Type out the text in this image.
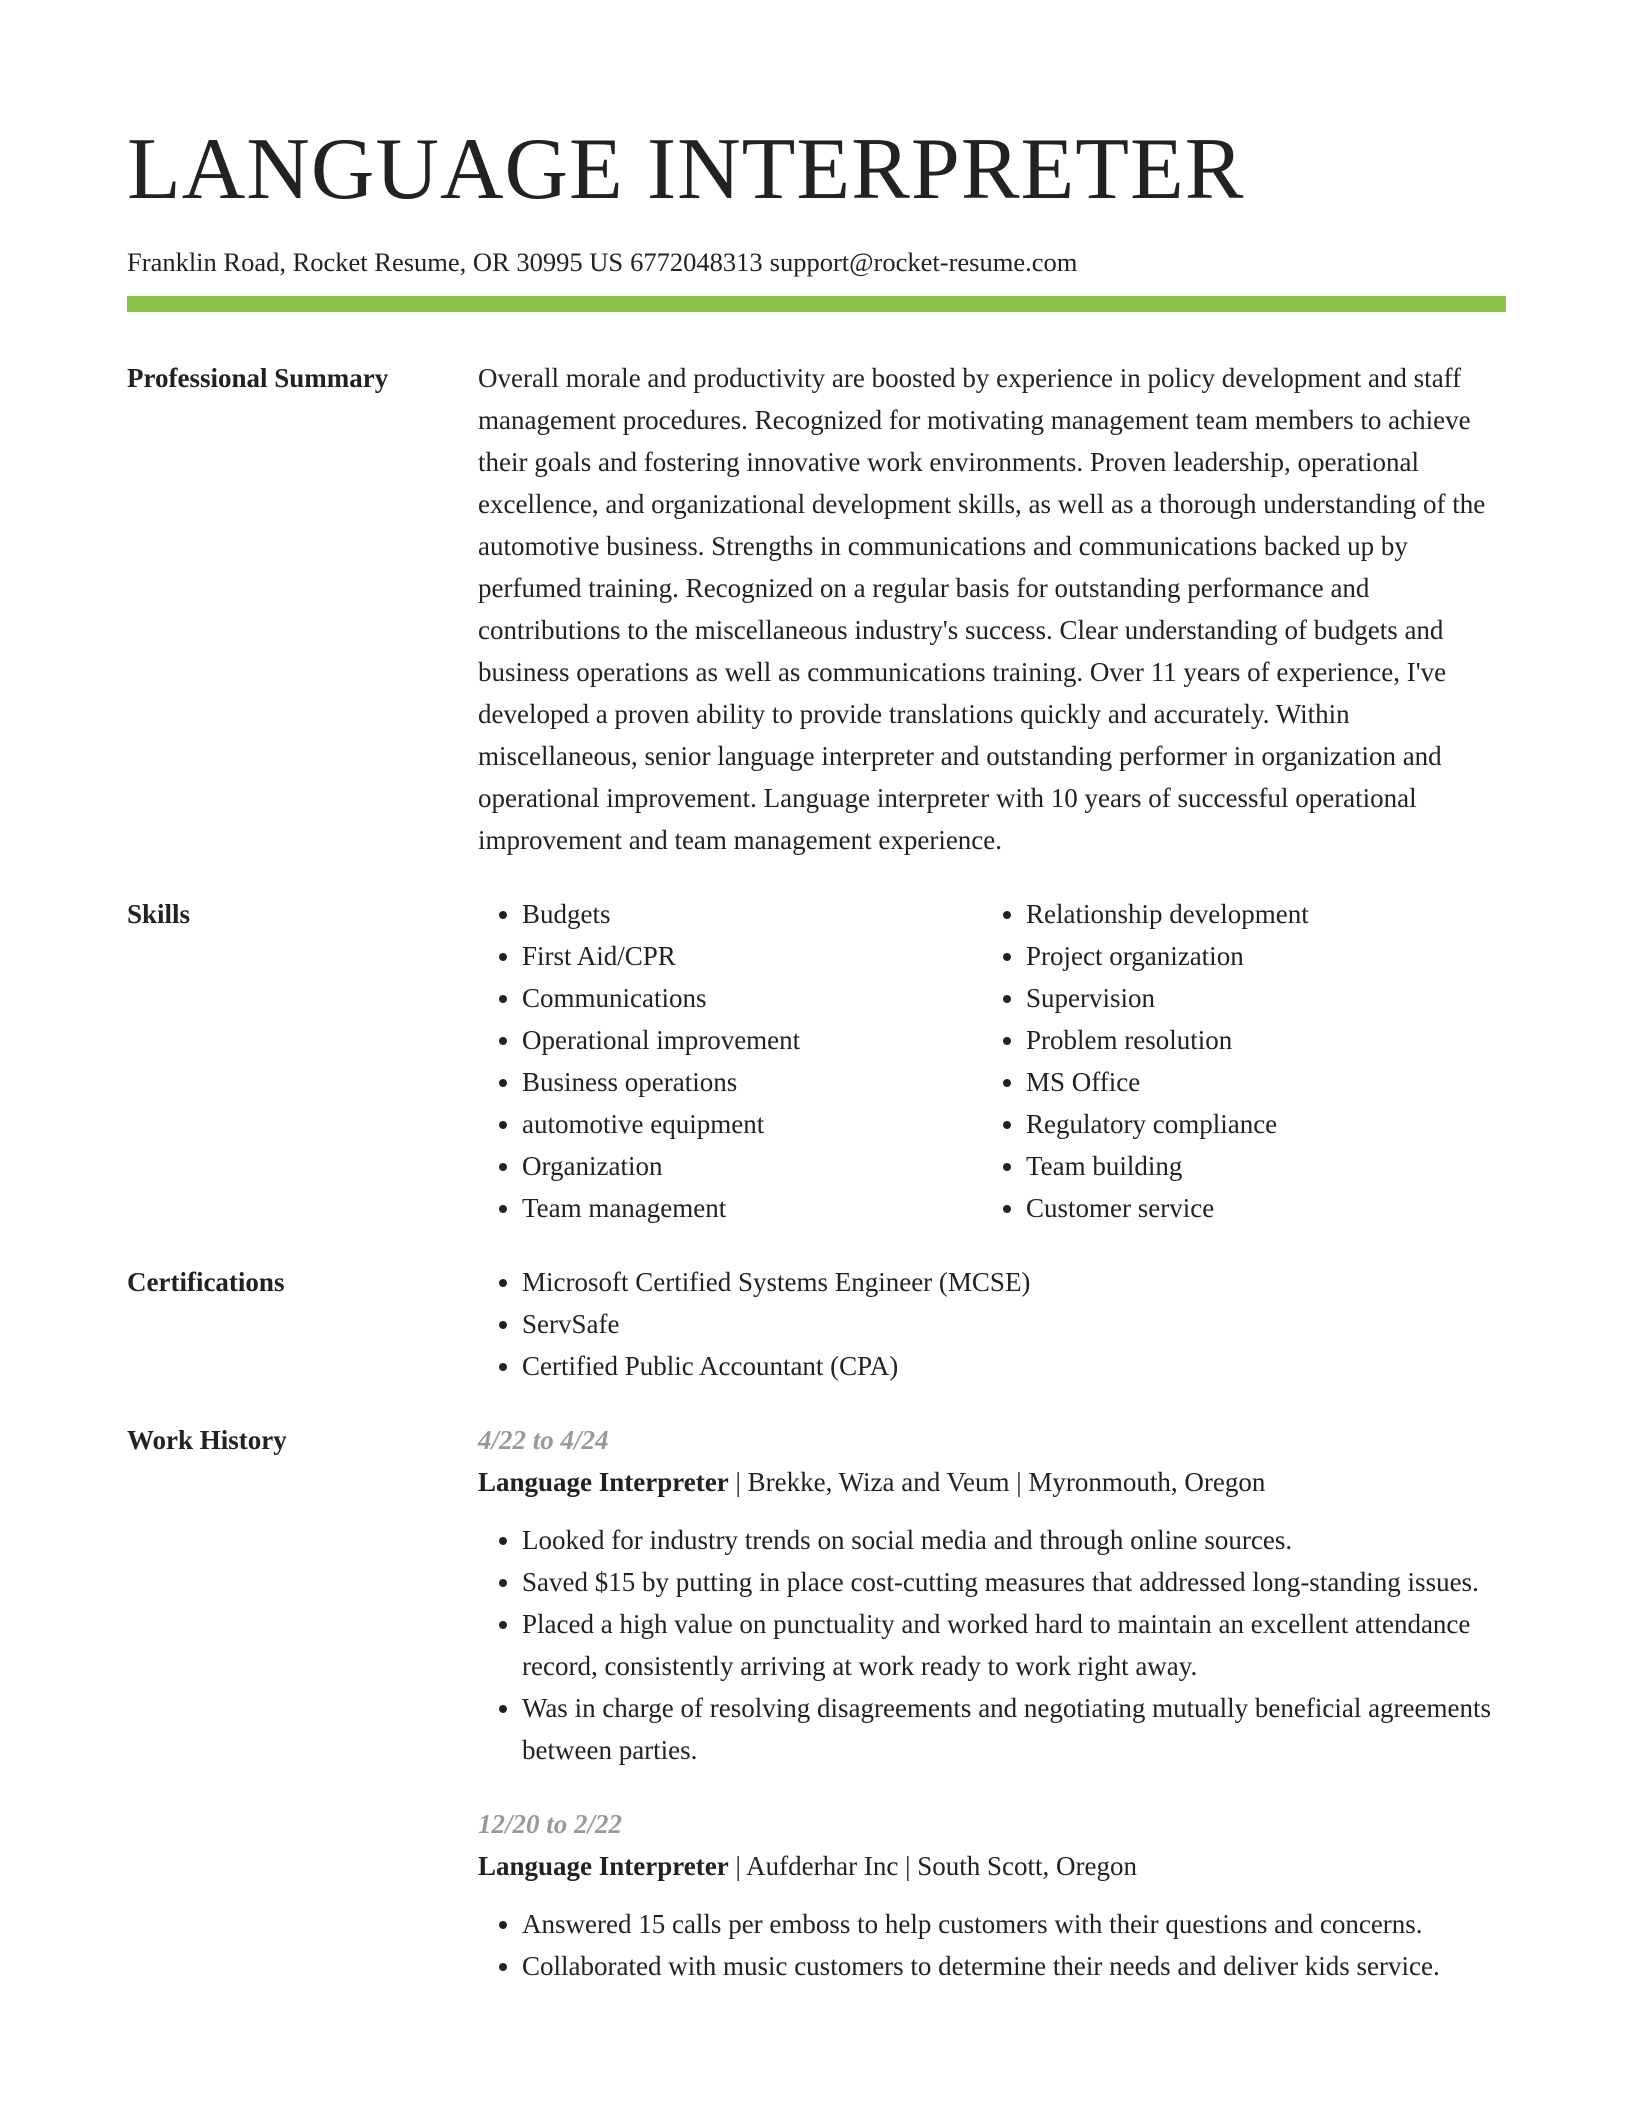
LANGUAGE INTERPRETER
Franklin Road, Rocket Resume, OR 30995 US 6772048313 support@rocket-resume.com
Professional Summary	Overall morale and productivity are boosted by experience in policy development and staff management procedures. Recognized for motivating management team members to achieve their goals and fostering innovative work environments. Proven leadership, operational excellence, and organizational development skills, as well as a thorough understanding of the automotive business. Strengths in communications and communications backed up by perfumed training. Recognized on a regular basis for outstanding performance and contributions to the miscellaneous industry's success. Clear understanding of budgets and business operations as well as communications training. Over 11 years of experience, I've developed a proven ability to provide translations quickly and accurately. Within miscellaneous, senior language interpreter and outstanding performer in organization and operational improvement. Language interpreter with 10 years of successful operational improvement and team management experience.

Skills	• Budgets
• First Aid/CPR
• Communications
• Operational improvement
• Business operations
• automotive equipment
• Organization
• Team management
• Relationship development
• Project organization
• Supervision
• Problem resolution
• MS Office
• Regulatory compliance
• Team building
• Customer service
Certifications	• Microsoft Certified Systems Engineer (MCSE)
• ServSafe
• Certified Public Accountant (CPA)
Work History	4/22 to 4/24
Language Interpreter | Brekke, Wiza and Veum | Myronmouth, Oregon
• Looked for industry trends on social media and through online sources.
• Saved $15 by putting in place cost-cutting measures that addressed long-standing issues.
• Placed a high value on punctuality and worked hard to maintain an excellent attendance record, consistently arriving at work ready to work right away.
• Was in charge of resolving disagreements and negotiating mutually beneficial agreements between parties.
12/20 to 2/22
Language Interpreter | Aufderhar Inc | South Scott, Oregon
• Answered 15 calls per emboss to help customers with their questions and concerns.
• Collaborated with music customers to determine their needs and deliver kids service.
